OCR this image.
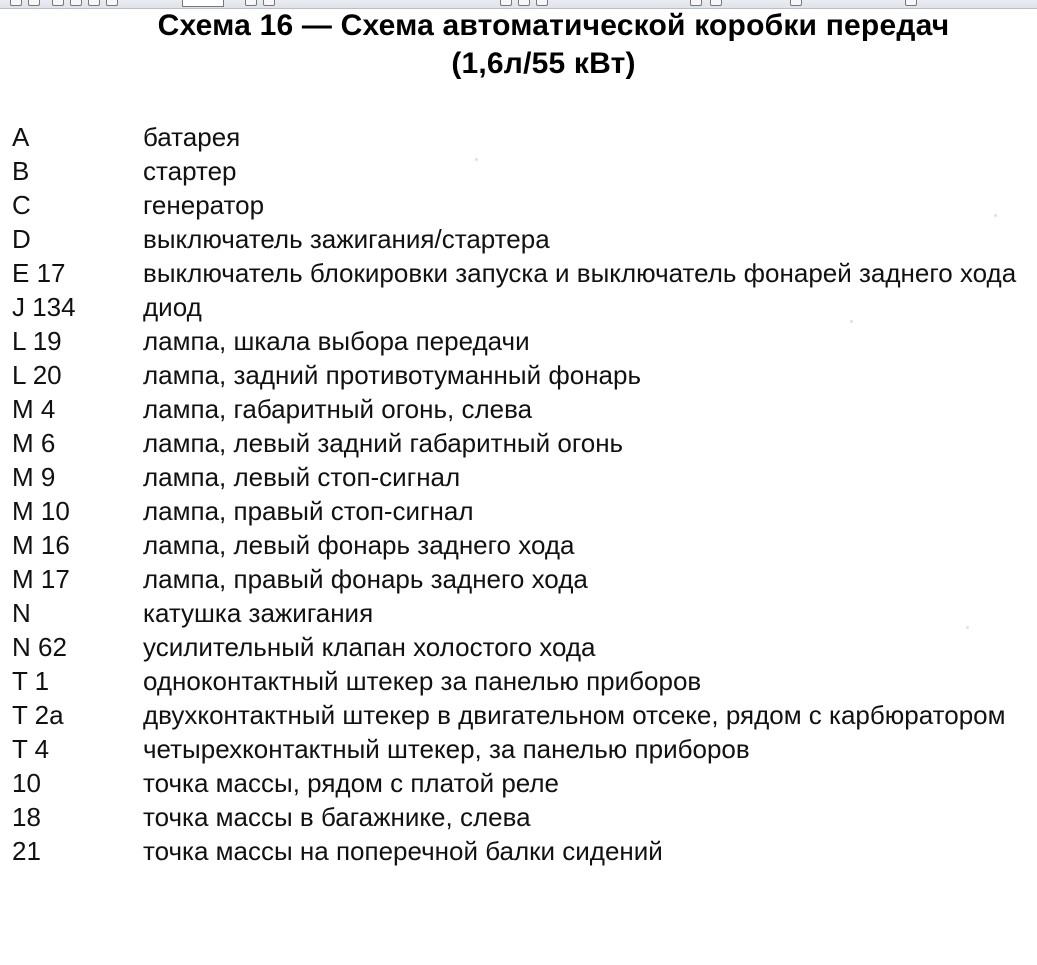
Схема 16 — Схема автоматической коробки передач
(1,6л/55 кВт)
A	батарея
B	стартер
C	генератор
D	выключатель зажигания/стартера
E 17	выключатель блокировки запуска и выключатель фонарей заднего хода
J 134	диод
L 19	лампа, шкала выбора передачи
L 20	лампа, задний противотуманный фонарь
M 4	лампа, габаритный огонь, слева
M 6	лампа, левый задний габаритный огонь
M 9	лампа, левый стоп-сигнал
M 10	лампа, правый стоп-сигнал
M 16	лампа, левый фонарь заднего хода
M 17	лампа, правый фонарь заднего хода
N	катушка зажигания
N 62	усилительный клапан холостого хода
T 1	одноконтактный штекер за панелью приборов
T 2a	двухконтактный штекер в двигательном отсеке, рядом с карбюратором
T 4	четырехконтактный штекер, за панелью приборов
10	точка массы, рядом с платой реле
18	точка массы в багажнике, слева
21	точка массы на поперечной балки сидений
